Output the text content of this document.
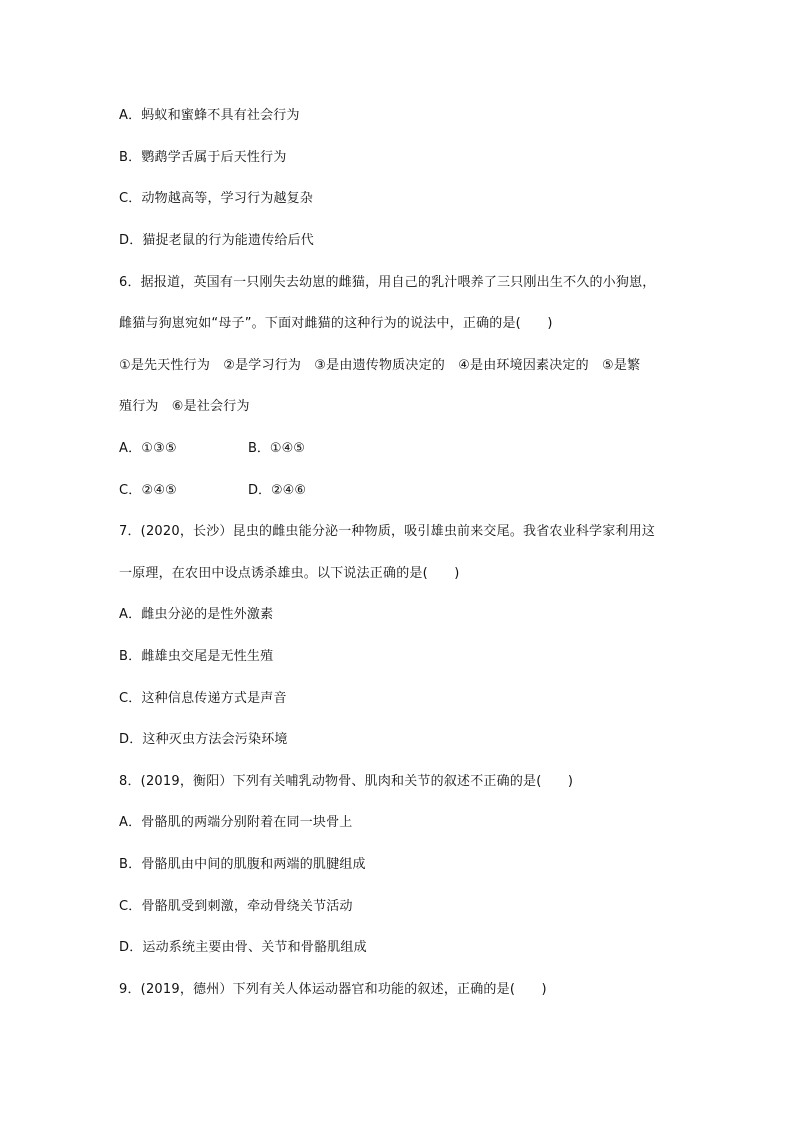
A．蚂蚁和蜜蜂不具有社会行为
B．鹦鹉学舌属于后天性行为
C．动物越高等，学习行为越复杂
D．猫捉老鼠的行为能遗传给后代
6．据报道，英国有一只刚失去幼崽的雌猫，用自己的乳汁喂养了三只刚出生不久的小狗崽，
雌猫与狗崽宛如“母子”。下面对雌猫的这种行为的说法中，正确的是(　　)
①是先天性行为　②是学习行为　③是由遗传物质决定的　④是由环境因素决定的　⑤是繁
殖行为　⑥是社会行为
A．①③⑤	B．①④⑤
C．②④⑤	D．②④⑥
7．(2020，长沙）昆虫的雌虫能分泌一种物质，吸引雄虫前来交尾。我省农业科学家利用这
一原理，在农田中设点诱杀雄虫。以下说法正确的是(　　)
A．雌虫分泌的是性外激素
B．雌雄虫交尾是无性生殖
C．这种信息传递方式是声音
D．这种灭虫方法会污染环境
8．(2019，衡阳）下列有关哺乳动物骨、肌肉和关节的叙述不正确的是(　　)
A．骨骼肌的两端分别附着在同一块骨上
B．骨骼肌由中间的肌腹和两端的肌腱组成
C．骨骼肌受到刺激，牵动骨绕关节活动
D．运动系统主要由骨、关节和骨骼肌组成
9．(2019，德州）下列有关人体运动器官和功能的叙述，正确的是(　　)
